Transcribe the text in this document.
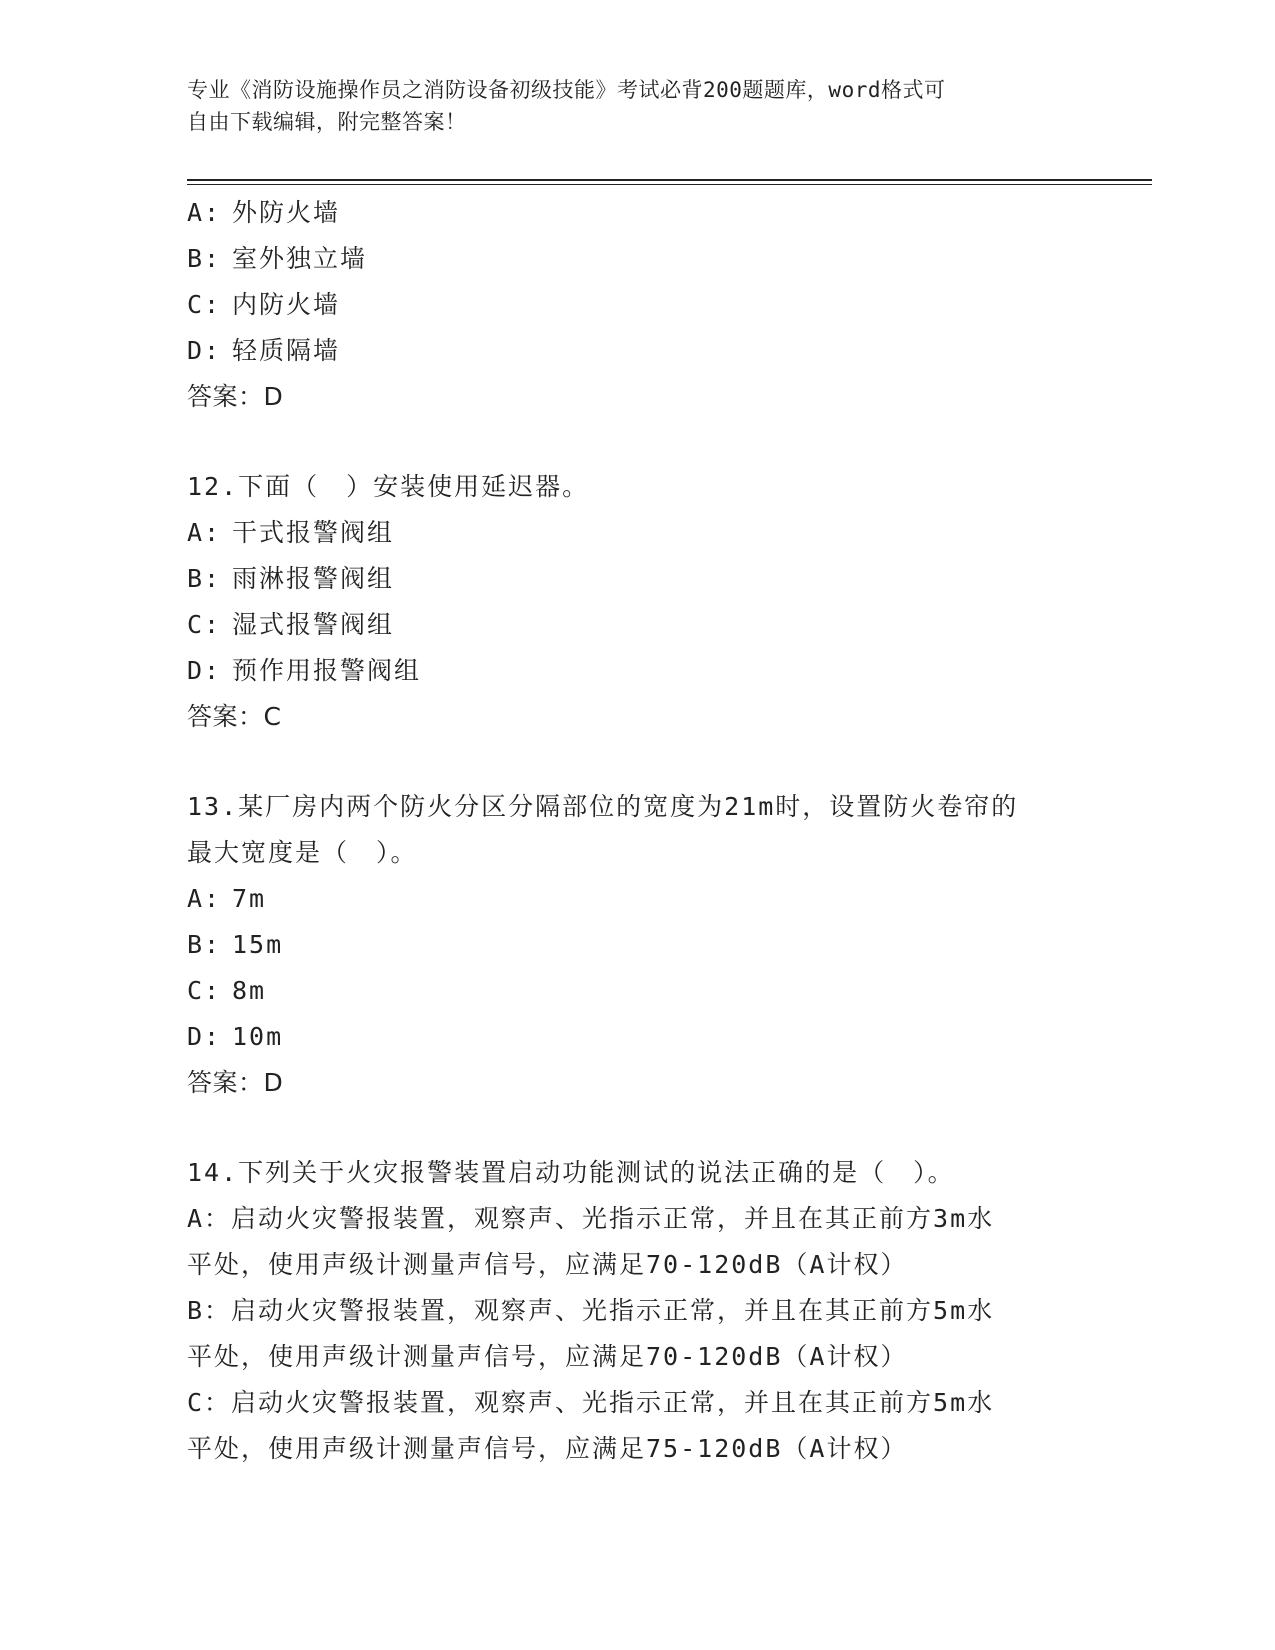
专业《消防设施操作员之消防设备初级技能》考试必背200题题库，word格式可
自由下载编辑，附完整答案！
A: 外防火墙
B: 室外独立墙
C: 内防火墙
D: 轻质隔墙
答案：D
12.下面（　）安装使用延迟器。
A: 干式报警阀组
B: 雨淋报警阀组
C: 湿式报警阀组
D: 预作用报警阀组
答案：C
13.某厂房内两个防火分区分隔部位的宽度为21m时，设置防火卷帘的
最大宽度是（　）。
A: 7m
B: 15m
C: 8m
D: 10m
答案：D
14.下列关于火灾报警装置启动功能测试的说法正确的是（　）。
A：启动火灾警报装置，观察声、光指示正常，并且在其正前方3m水
平处，使用声级计测量声信号，应满足70-120dB（A计权）
B：启动火灾警报装置，观察声、光指示正常，并且在其正前方5m水
平处，使用声级计测量声信号，应满足70-120dB（A计权）
C：启动火灾警报装置，观察声、光指示正常，并且在其正前方5m水
平处，使用声级计测量声信号，应满足75-120dB（A计权）
